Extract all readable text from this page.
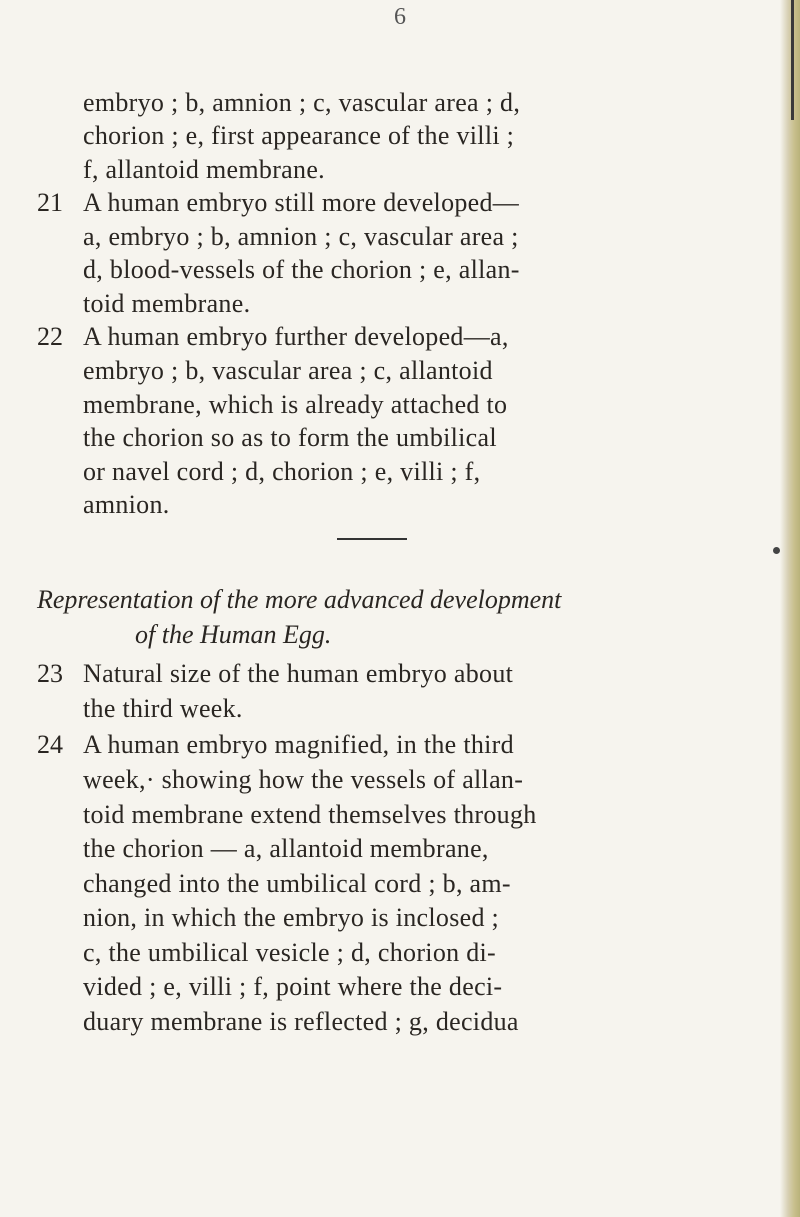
6
embryo ; b, amnion ; c, vascular area ; d,
chorion ; e, first appearance of the villi ;
f, allantoid membrane.
21 A human embryo still more developed—
a, embryo ; b, amnion ; c, vascular area ;
d, blood-vessels of the chorion ; e, allan-
toid membrane.
22 A human embryo further developed—a,
embryo ; b, vascular area ; c, allantoid
membrane, which is already attached to
the chorion so as to form the umbilical
or navel cord ; d, chorion ; e, villi ; f,
amnion.
Representation of the more advanced development
of the Human Egg.
23 Natural size of the human embryo about
the third week.
24 A human embryo magnified, in the third
week,· showing how the vessels of allan-
toid membrane extend themselves through
the chorion — a, allantoid membrane,
changed into the umbilical cord ; b, am-
nion, in which the embryo is inclosed ;
c, the umbilical vesicle ; d, chorion di-
vided ; e, villi ; f, point where the deci-
duary membrane is reflected ; g, decidua
